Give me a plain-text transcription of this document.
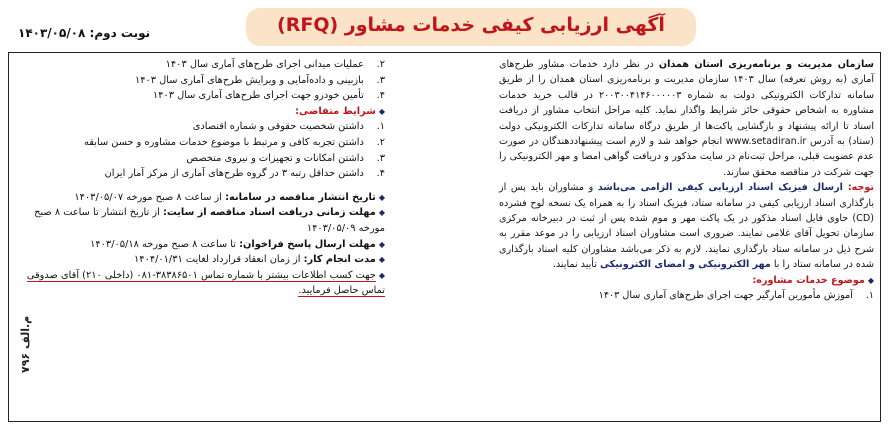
آگهی ارزیابی کیفی خدمات مشاور (RFQ)
نوبت دوم: ۱۴۰۳/۰۵/۰۸
م.الف ۷۹۶

سازمان مدیریت و برنامه‌ریزی استان همدان در نظر دارد خدمات مشاور طرح‌های آماری (به روش تعرفه) سال ۱۴۰۳ سازمان مدیریت و برنامه‌ریزی استان همدان را از طریق سامانه تدارکات الکترونیکی دولت به شماره ۲۰۰۳۰۰۴۱۴۶۰۰۰۰۰۳ در قالب خرید خدمات مشاوره به اشخاص حقوقی حائز شرایط واگذار نماید. کلیه مراحل انتخاب مشاور از دریافت اسناد تا ارائه پیشنهاد و بازگشایی پاکت‌ها از طریق درگاه سامانه تدارکات الکترونیکی دولت (ستاد) به آدرس www.setadiran.ir انجام خواهد شد و لازم است پیشنهاددهندگان در صورت عدم عضویت قبلی، مراحل ثبت‌نام در سایت مذکور و دریافت گواهی امضا و مهر الکترونیکی را جهت شرکت در مناقصه محقق سازند.

توجه: ارسال فیزیک اسناد ارزیابی کیفی الزامی می‌باشد و مشاوران باید پس از بارگذاری اسناد ارزیابی کیفی در سامانه ستاد، فیزیک اسناد را به همراه یک نسخه لوح فشرده (CD) حاوی فایل اسناد مذکور در یک پاکت مهر و موم شده پس از ثبت در دبیرخانه مرکزی سازمان تحویل آقای غلامی نمایند. ضروری است مشاوران اسناد ارزیابی را در موعد مقرر به شرح ذیل در سامانه ستاد بارگذاری نمایند. لازم به ذکر می‌باشد مشاوران کلیه اسناد بارگذاری شده در سامانه ستاد را با مهر الکترونیکی و امضای الکترونیکی تأیید نمایند.

◆موضوع خدمات مشاوره:

۱. آموزش مأمورین آمارگیر جهت اجرای طرح‌های آماری سال ۱۴۰۳
۲. عملیات میدانی اجرای طرح‌های آماری سال ۱۴۰۳
۳. بازبینی و داده‌آمایی و ویرایش طرح‌های آماری سال ۱۴۰۳
۴. تأمین خودرو جهت اجرای طرح‌های آماری سال ۱۴۰۳

◆شرایط متقاضی:

۱. داشتن شخصیت حقوقی و شماره اقتصادی
۲. داشتن تجربه کافی و مرتبط با موضوع خدمات مشاوره و حسن سابقه
۳. داشتن امکانات و تجهیزات و نیروی متخصص
۴. داشتن حداقل رتبه ۳ در گروه طرح‌های آماری از مرکز آمار ایران

◆تاریخ انتشار مناقصه در سامانه: از ساعت ۸ صبح مورخه ۱۴۰۳/۰۵/۰۷

◆مهلت زمانی دریافت اسناد مناقصه از سایت: از تاریخ انتشار تا ساعت ۸ صبح مورخه ۱۴۰۳/۰۵/۰۹

◆مهلت ارسال پاسخ فراخوان: تا ساعت ۸ صبح مورخه ۱۴۰۳/۰۵/۱۸

◆مدت انجام کار: از زمان انعقاد قرارداد لغایت ۱۴۰۴/۰۱/۳۱

◆جهت کسب اطلاعات بیشتر با شماره تماس ۳۸۳۸۶۵۰۱-۰۸۱ (داخلی ۲۱۰) آقای صدوقی تماس حاصل فرمایید.
